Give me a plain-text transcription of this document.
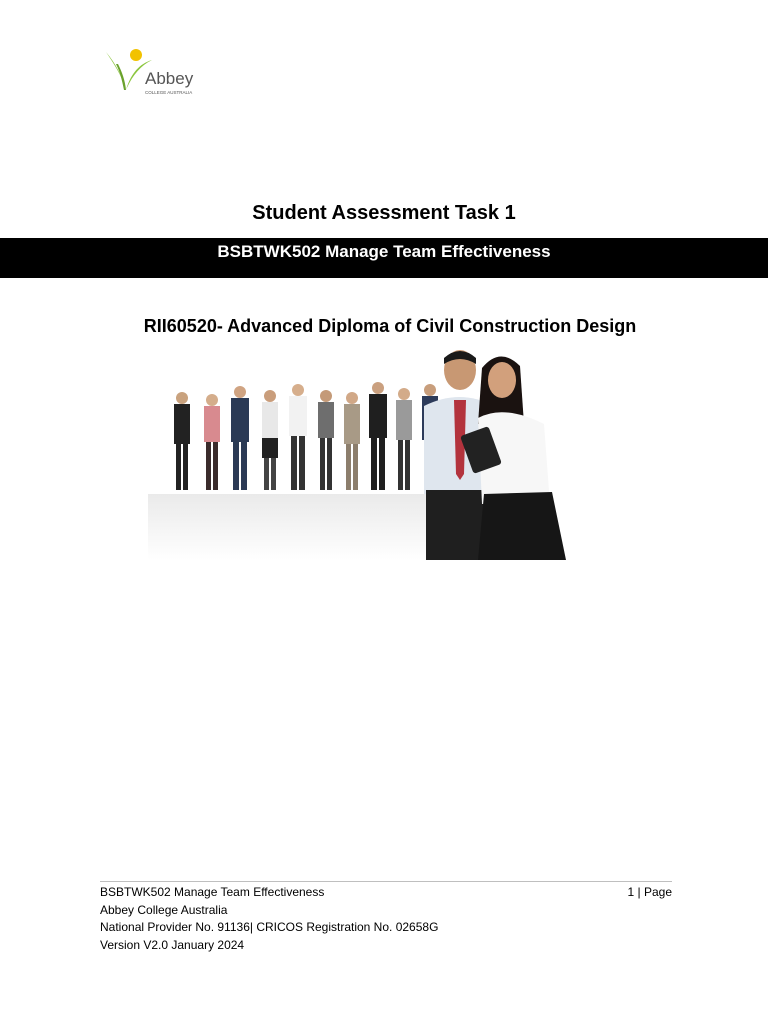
Abbey
COLLEGE AUSTRALIA
Student Assessment Task 1
BSBTWK502 Manage Team Effectiveness
RII60520- Advanced Diploma of Civil Construction Design
BSBTWK502 Manage Team Effectiveness	1 | Page
Abbey College Australia
National Provider No. 91136| CRICOS Registration No. 02658G
Version V2.0 January 2024
